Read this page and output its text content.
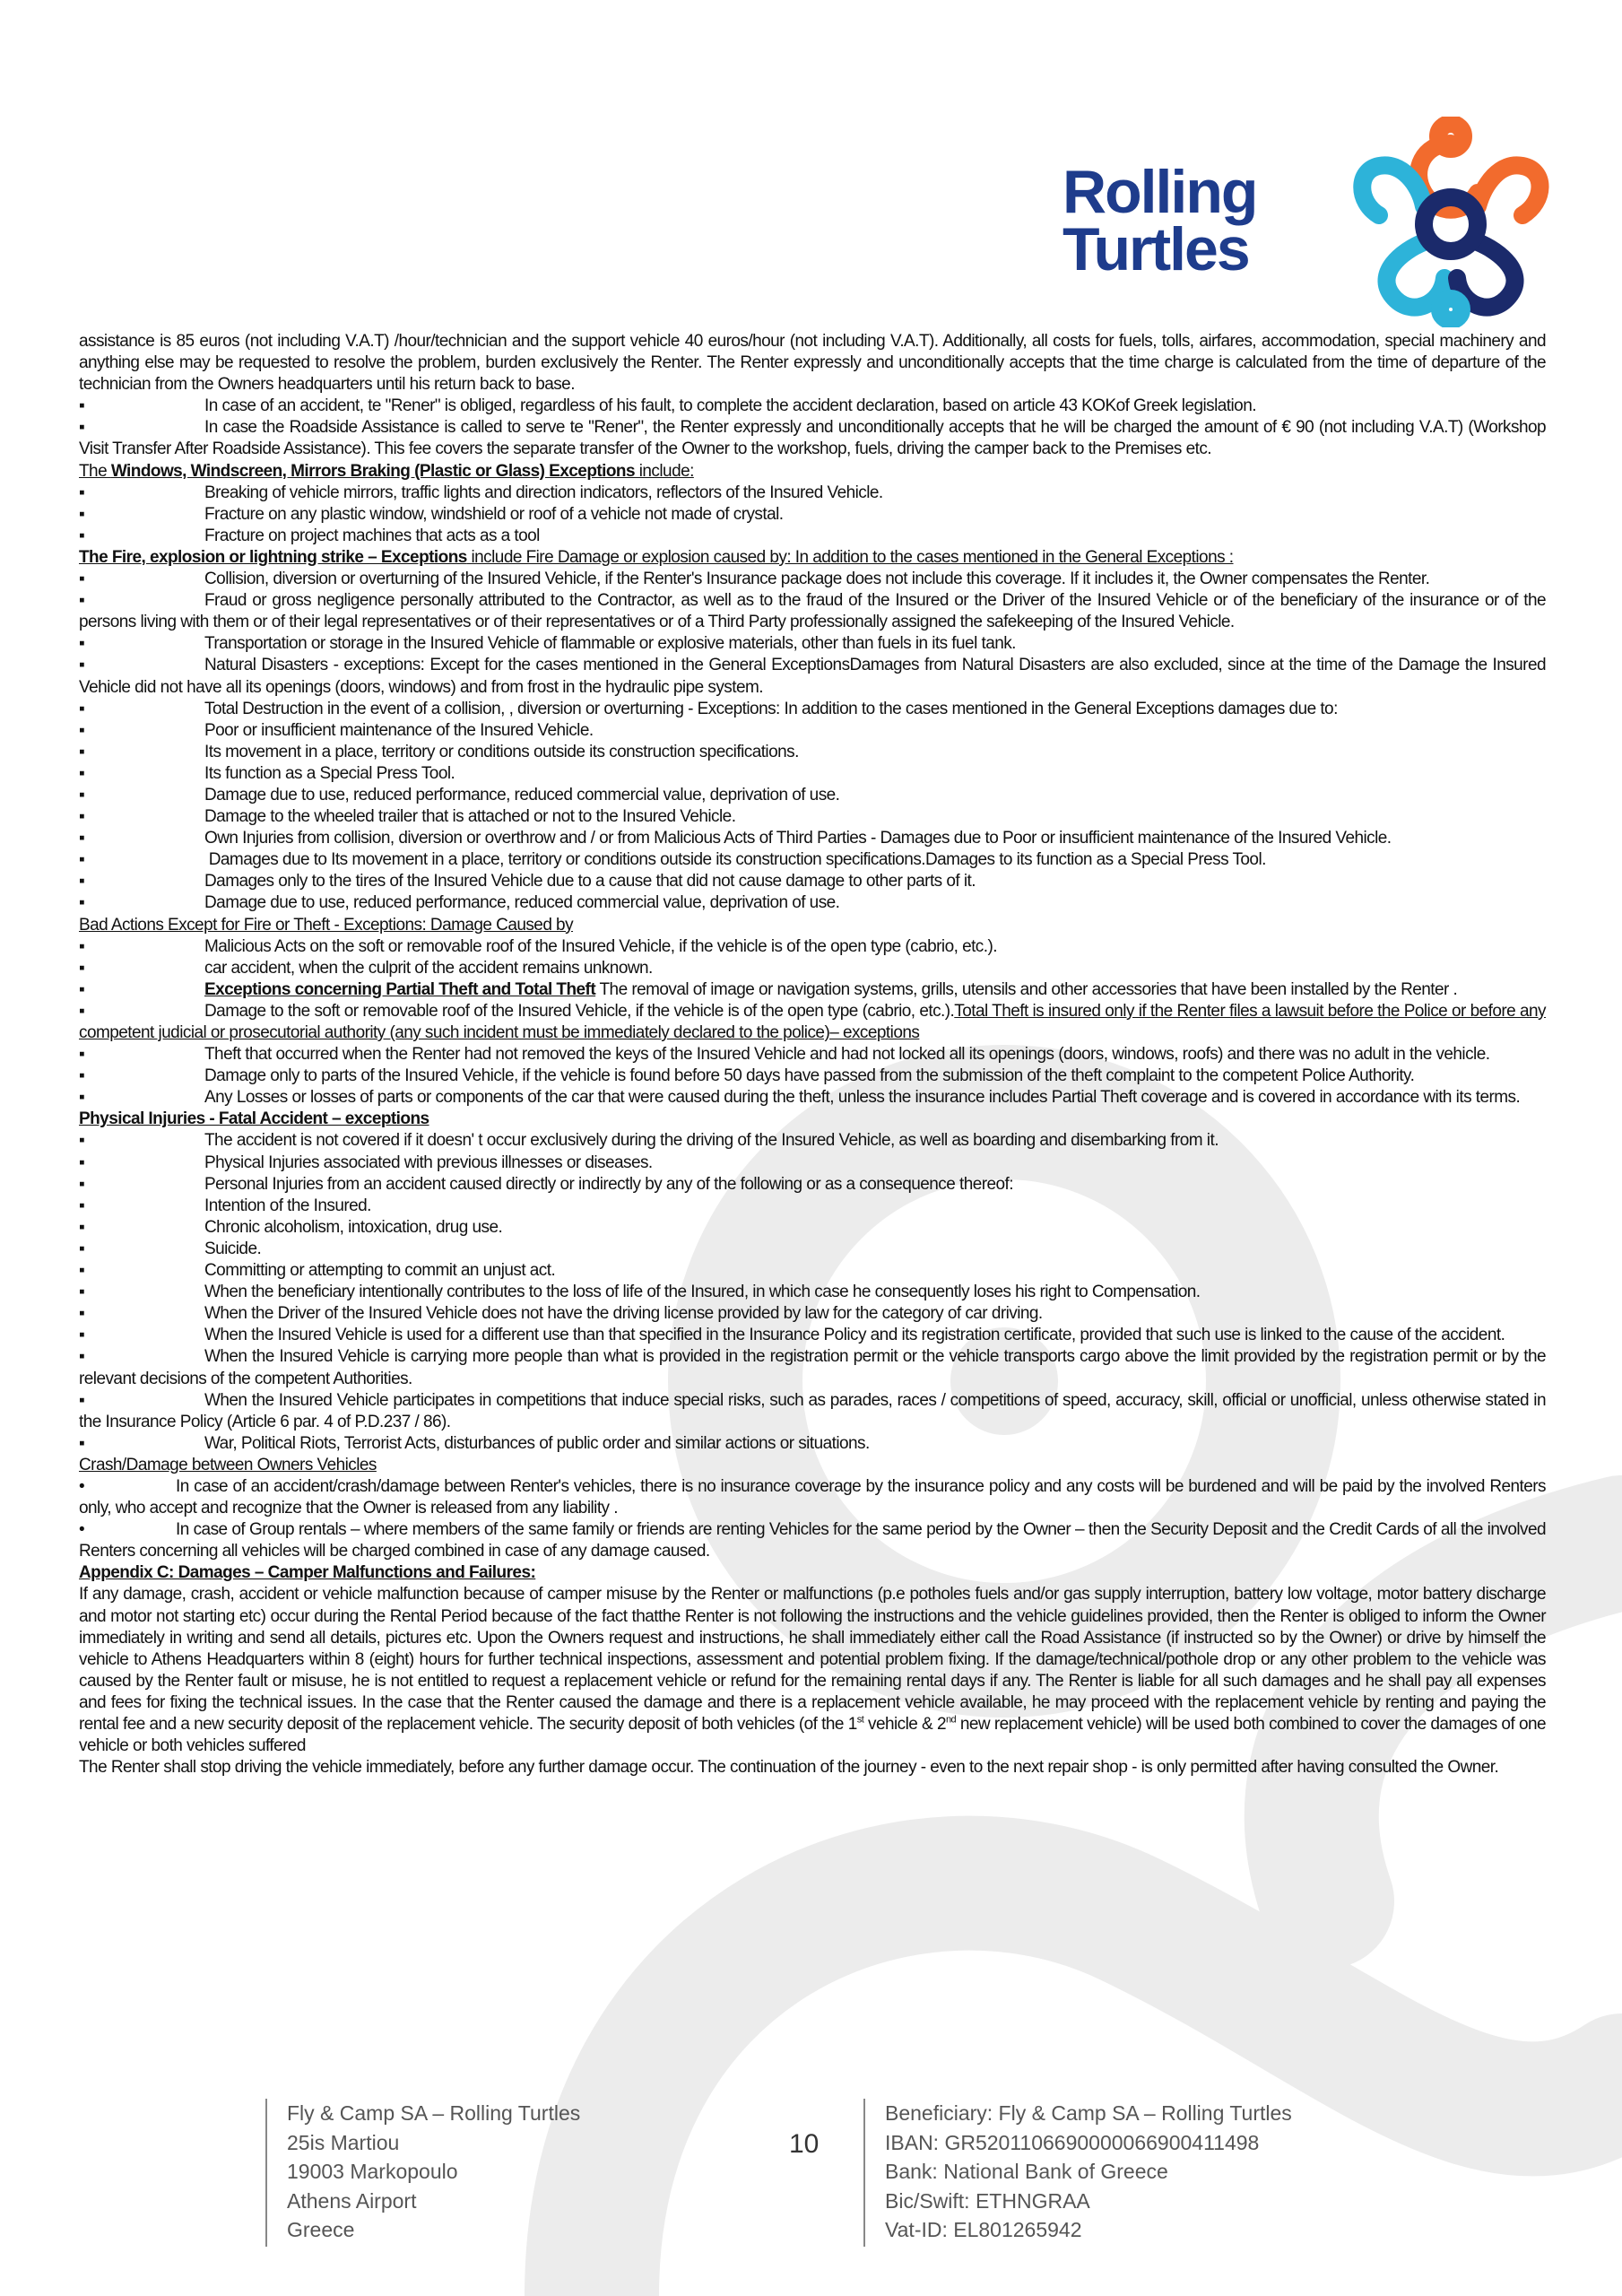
Rolling
Turtles

assistance is 85 euros (not including V.A.T) /hour/technician and the support vehicle 40 euros/hour (not including V.A.T). Additionally, all costs for fuels, tolls, airfares, accommodation, special machinery and anything else may be requested to resolve the problem, burden exclusively the Renter. The Renter expressly and unconditionally accepts that the time charge is calculated from the time of departure of the technician from the Owners headquarters until his return back to base.

▪	In case of an accident, te "Rener" is obliged, regardless of his fault, to complete the accident declaration, based on article 43 KOKof Greek legislation.

▪	In case the Roadside Assistance is called to serve te "Rener", the Renter expressly and unconditionally accepts that he will be charged the amount of € 90 (not including V.A.T) (Workshop Visit Transfer After Roadside Assistance). This fee covers the separate transfer of the Owner to the workshop, fuels, driving the camper back to the Premises etc.

The Windows, Windscreen, Mirrors Braking (Plastic or Glass) Exceptions include:

▪	Breaking of vehicle mirrors, traffic lights and direction indicators, reflectors of the Insured Vehicle.

▪	Fracture on any plastic window, windshield or roof of a vehicle not made of crystal.

▪	Fracture on project machines that acts as a tool

The Fire, explosion or lightning strike – Exceptions include Fire Damage or explosion caused by: In addition to the cases mentioned in the General Exceptions :

▪	Collision, diversion or overturning of the Insured Vehicle, if the Renter's Insurance package does not include this coverage. If it includes it, the Owner compensates the Renter.

▪	Fraud or gross negligence personally attributed to the Contractor, as well as to the fraud of the Insured or the Driver of the Insured Vehicle or of the beneficiary of the insurance or of the persons living with them or of their legal representatives or of their representatives or of a Third Party professionally assigned the safekeeping of the Insured Vehicle.

▪	Transportation or storage in the Insured Vehicle of flammable or explosive materials, other than fuels in its fuel tank.

▪	Natural Disasters - exceptions: Except for the cases mentioned in the General ExceptionsDamages from Natural Disasters are also excluded, since at the time of the Damage the Insured Vehicle did not have all its openings (doors, windows) and from frost in the hydraulic pipe system.

▪	Total Destruction in the event of a collision, , diversion or overturning - Exceptions: In addition to the cases mentioned in the General Exceptions damages due to:

▪	Poor or insufficient maintenance of the Insured Vehicle.

▪	Its movement in a place, territory or conditions outside its construction specifications.

▪	Its function as a Special Press Tool.

▪	Damage due to use, reduced performance, reduced commercial value, deprivation of use.

▪	Damage to the wheeled trailer that is attached or not to the Insured Vehicle.

▪	Own Injuries from collision, diversion or overthrow and / or from Malicious Acts of Third Parties - Damages due to Poor or insufficient maintenance of the Insured Vehicle.

▪	Damages due to Its movement in a place, territory or conditions outside its construction specifications.Damages to its function as a Special Press Tool.

▪	Damages only to the tires of the Insured Vehicle due to a cause that did not cause damage to other parts of it.

▪	Damage due to use, reduced performance, reduced commercial value, deprivation of use.

Bad Actions Except for Fire or Theft - Exceptions: Damage Caused by

▪	Malicious Acts on the soft or removable roof of the Insured Vehicle, if the vehicle is of the open type (cabrio, etc.).

▪	car accident, when the culprit of the accident remains unknown.

▪	Exceptions concerning Partial Theft and Total Theft The removal of image or navigation systems, grills, utensils and other accessories that have been installed by the Renter .

▪	Damage to the soft or removable roof of the Insured Vehicle, if the vehicle is of the open type (cabrio, etc.).Total Theft is insured only if the Renter files a lawsuit before the Police or before any competent judicial or prosecutorial authority (any such incident must be immediately declared to the police)– exceptions

▪	Theft that occurred when the Renter had not removed the keys of the Insured Vehicle and had not locked all its openings (doors, windows, roofs) and there was no adult in the vehicle.

▪	Damage only to parts of the Insured Vehicle, if the vehicle is found before 50 days have passed from the submission of the theft complaint to the competent Police Authority.

▪	Any Losses or losses of parts or components of the car that were caused during the theft, unless the insurance includes Partial Theft coverage and is covered in accordance with its terms.

Physical Injuries - Fatal Accident – exceptions

▪	The accident is not covered if it doesn' t occur exclusively during the driving of the Insured Vehicle, as well as boarding and disembarking from it.

▪	Physical Injuries associated with previous illnesses or diseases.

▪	Personal Injuries from an accident caused directly or indirectly by any of the following or as a consequence thereof:

▪	Intention of the Insured.

▪	Chronic alcoholism, intoxication, drug use.

▪	Suicide.

▪	Committing or attempting to commit an unjust act.

▪	When the beneficiary intentionally contributes to the loss of life of the Insured, in which case he consequently loses his right to Compensation.

▪	When the Driver of the Insured Vehicle does not have the driving license provided by law for the category of car driving.

▪	When the Insured Vehicle is used for a different use than that specified in the Insurance Policy and its registration certificate, provided that such use is linked to the cause of the accident.

▪	When the Insured Vehicle is carrying more people than what is provided in the registration permit or the vehicle transports cargo above the limit provided by the registration permit or by the relevant decisions of the competent Authorities.

▪	When the Insured Vehicle participates in competitions that induce special risks, such as parades, races / competitions of speed, accuracy, skill, official or unofficial, unless otherwise stated in the Insurance Policy (Article 6 par. 4 of P.D.237 / 86).

▪	War, Political Riots, Terrorist Acts, disturbances of public order and similar actions or situations.

Crash/Damage between Owners Vehicles

•	In case of an accident/crash/damage between Renter's vehicles, there is no insurance coverage by the insurance policy and any costs will be burdened and will be paid by the involved Renters only, who accept and recognize that the Owner is released from any liability .

•	In case of Group rentals – where members of the same family or friends are renting Vehicles for the same period by the Owner – then the Security Deposit and the Credit Cards of all the involved Renters concerning all vehicles will be charged combined in case of any damage caused.

Appendix C: Damages – Camper Malfunctions and Failures:

If any damage, crash, accident or vehicle malfunction because of camper misuse by the Renter or malfunctions (p.e potholes fuels and/or gas supply interruption, battery low voltage, motor battery discharge and motor not starting etc) occur during the Rental Period because of the fact thatthe Renter is not following the instructions and the vehicle guidelines provided, then the Renter is obliged to inform the Owner immediately in writing and send all details, pictures etc. Upon the Owners request and instructions, he shall immediately either call the Road Assistance (if instructed so by the Owner) or drive by himself the vehicle to Athens Headquarters within 8 (eight) hours for further technical inspections, assessment and potential problem fixing. If the damage/technical/pothole drop or any other problem to the vehicle was caused by the Renter fault or misuse, he is not entitled to request a replacement vehicle or refund for the remaining rental days if any. The Renter is liable for all such damages and he shall pay all expenses and fees for fixing the technical issues. In the case that the Renter caused the damage and there is a replacement vehicle available, he may proceed with the replacement vehicle by renting and paying the rental fee and a new security deposit of the replacement vehicle. The security deposit of both vehicles (of the 1st vehicle & 2nd new replacement vehicle) will be used both combined to cover the damages of one vehicle or both vehicles suffered

The Renter shall stop driving the vehicle immediately, before any further damage occur. The continuation of the journey - even to the next repair shop - is only permitted after having consulted the Owner.

Fly & Camp SA – Rolling Turtles
25is Martiou
19003 Markopoulo
Athens Airport
Greece
Beneficiary: Fly & Camp SA – Rolling Turtles
IBAN: GR5201106690000066900411498
Bank: National Bank of Greece
Bic/Swift: ETHNGRAA
Vat-ID: EL801265942
10
